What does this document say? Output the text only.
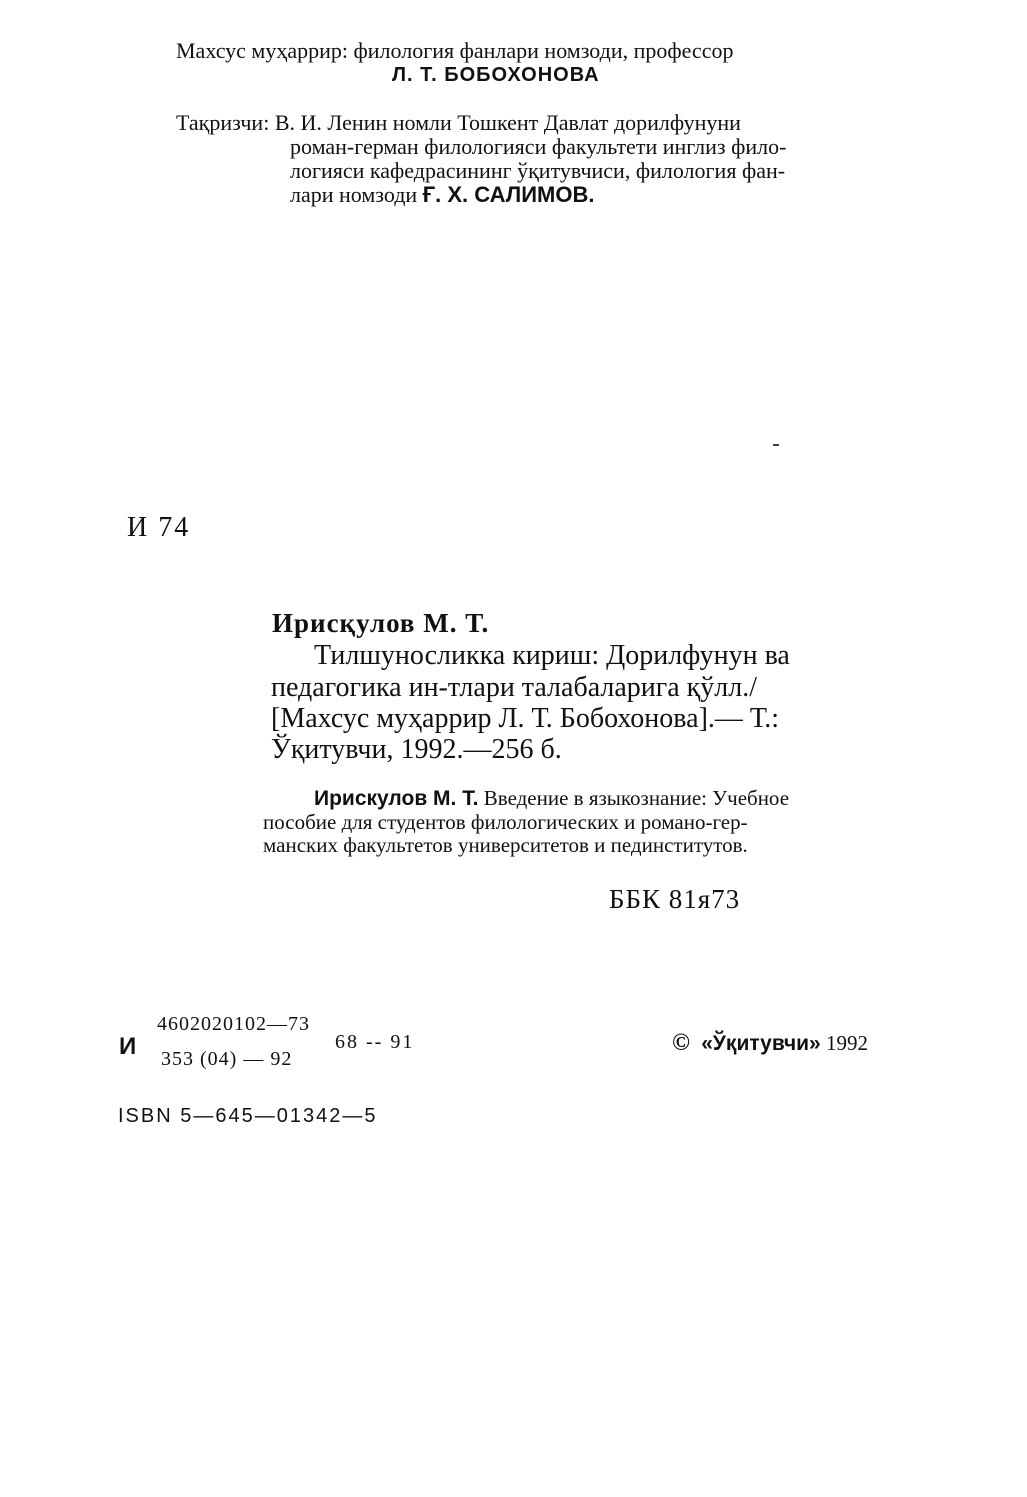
Махсус муҳаррир: филология фанлари номзоди, профессор
Л. Т. БОБОХОНОВА
Тақризчи: В. И. Ленин номли Тошкент Давлат дорилфунуни
роман-герман филологияси факультети инглиз фило-
логияси кафедрасининг ўқитувчиси, филология фан-
лари номзоди Ғ. Х. САЛИМОВ.
И 74
Ирисқулов М. Т.
Тилшуносликка кириш: Дорилфунун ва
педагогика ин-тлари талабаларига қўлл./
[Махсус муҳаррир Л. Т. Бобохонова].— Т.:
Ўқитувчи, 1992.—256 б.
Ирискулов М. Т. Введение в языкознание: Учебное
пособие для студентов филологических и романо-гер-
манских факультетов университетов и пединститутов.
ББК 81я73
И
4602020102—73
353 (04) — 92
68 -- 91	© «Ўқитувчи» 1992
ISBN 5—645—01342—5
